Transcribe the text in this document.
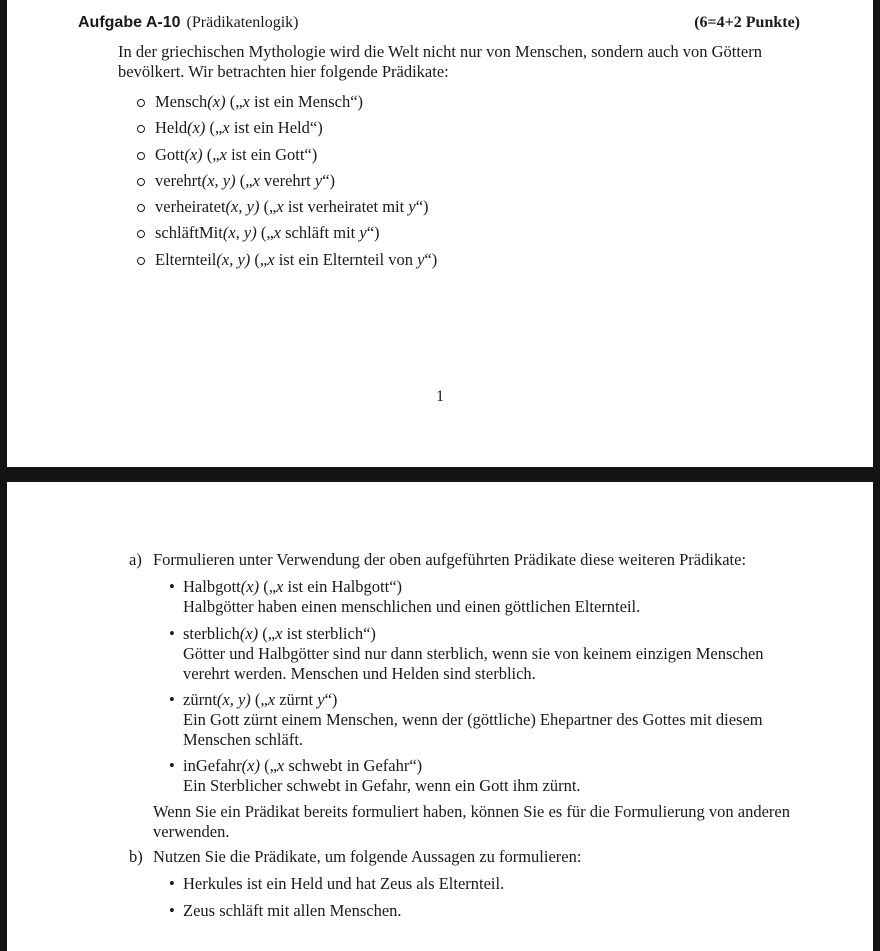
Aufgabe A-10 (Prädikatenlogik)	(6=4+2 Punkte)

In der griechischen Mythologie wird die Welt nicht nur von Menschen, sondern auch von Göttern bevölkert. Wir betrachten hier folgende Prädikate:

Mensch(x) („x ist ein Mensch“)
Held(x) („x ist ein Held“)
Gott(x) („x ist ein Gott“)
verehrt(x, y) („x verehrt y“)
verheiratet(x, y) („x ist verheiratet mit y“)
schläftMit(x, y) („x schläft mit y“)
Elternteil(x, y) („x ist ein Elternteil von y“)
1
a) Formulieren unter Verwendung der oben aufgeführten Prädikate diese weiteren Prädikate:
• Halbgott(x) („x ist ein Halbgott“)
Halbgötter haben einen menschlichen und einen göttlichen Elternteil.
• sterblich(x) („x ist sterblich“)
Götter und Halbgötter sind nur dann sterblich, wenn sie von keinem einzigen Menschen verehrt werden. Menschen und Helden sind sterblich.
• zürnt(x, y) („x zürnt y“)
Ein Gott zürnt einem Menschen, wenn der (göttliche) Ehepartner des Gottes mit diesem Menschen schläft.
• inGefahr(x) („x schwebt in Gefahr“)
Ein Sterblicher schwebt in Gefahr, wenn ein Gott ihm zürnt.
Wenn Sie ein Prädikat bereits formuliert haben, können Sie es für die Formulierung von anderen verwenden.
b) Nutzen Sie die Prädikate, um folgende Aussagen zu formulieren:
• Herkules ist ein Held und hat Zeus als Elternteil.
• Zeus schläft mit allen Menschen.
